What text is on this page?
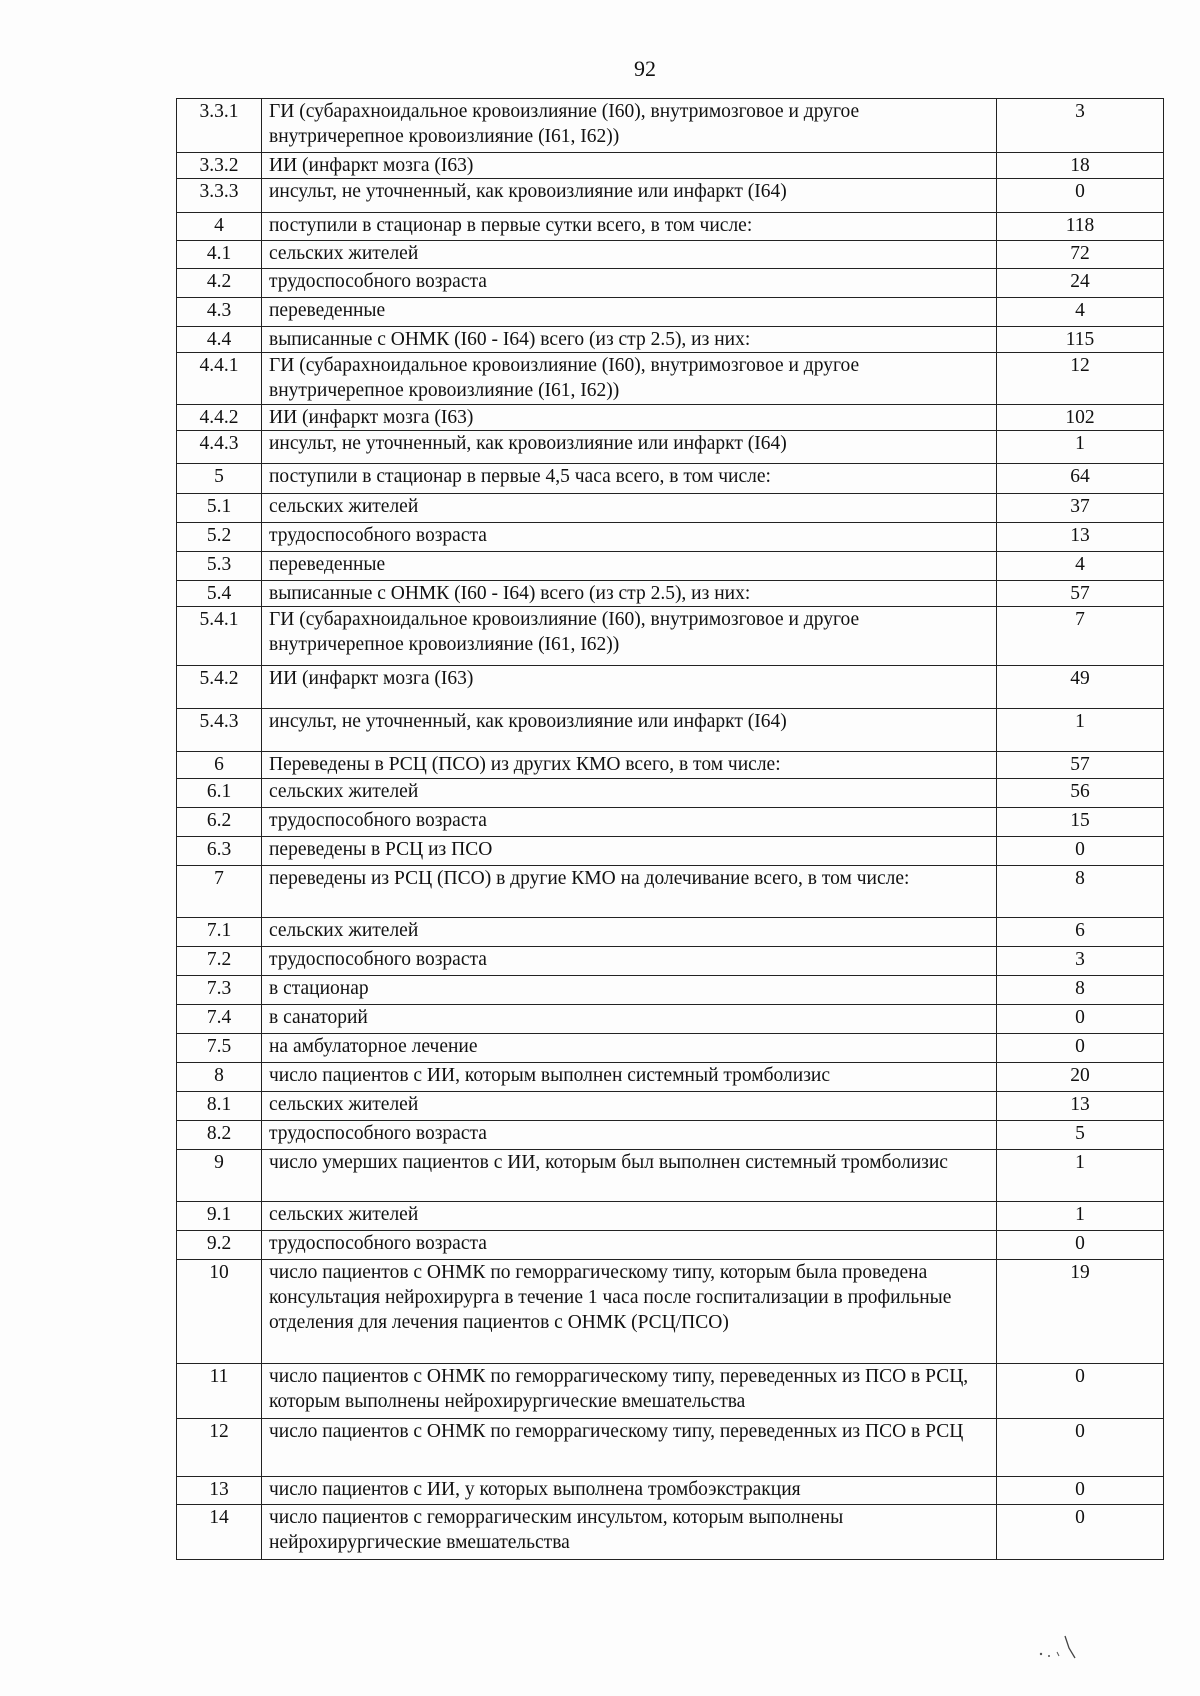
92
3.3.1	ГИ (субарахноидальное кровоизлияние (I60), внутримозговое и другое внутричерепное кровоизлияние (I61, I62))	3
3.3.2	ИИ (инфаркт мозга (I63)	18
3.3.3	инсульт, не уточненный, как кровоизлияние или инфаркт (I64)	0
4	поступили в стационар в первые сутки всего, в том числе:	118
4.1	сельских жителей	72
4.2	трудоспособного возраста	24
4.3	переведенные	4
4.4	выписанные с ОНМК (I60 - I64) всего (из стр 2.5), из них:	115
4.4.1	ГИ (субарахноидальное кровоизлияние (I60), внутримозговое и другое внутричерепное кровоизлияние (I61, I62))	12
4.4.2	ИИ (инфаркт мозга (I63)	102
4.4.3	инсульт, не уточненный, как кровоизлияние или инфаркт (I64)	1
5	поступили в стационар в первые 4,5 часа всего, в том числе:	64
5.1	сельских жителей	37
5.2	трудоспособного возраста	13
5.3	переведенные	4
5.4	выписанные с ОНМК (I60 - I64) всего (из стр 2.5), из них:	57
5.4.1	ГИ (субарахноидальное кровоизлияние (I60), внутримозговое и другое внутричерепное кровоизлияние (I61, I62))	7
5.4.2	ИИ (инфаркт мозга (I63)	49
5.4.3	инсульт, не уточненный, как кровоизлияние или инфаркт (I64)	1
6	Переведены в РСЦ (ПСО) из других КМО всего, в том числе:	57
6.1	сельских жителей	56
6.2	трудоспособного возраста	15
6.3	переведены в РСЦ из ПСО	0
7	переведены из РСЦ (ПСО) в другие КМО на долечивание всего, в том числе:	8
7.1	сельских жителей	6
7.2	трудоспособного возраста	3
7.3	в стационар	8
7.4	в санаторий	0
7.5	на амбулаторное лечение	0
8	число пациентов с ИИ, которым выполнен системный тромболизис	20
8.1	сельских жителей	13
8.2	трудоспособного возраста	5
9	число умерших пациентов с ИИ, которым был выполнен системный тромболизис	1
9.1	сельских жителей	1
9.2	трудоспособного возраста	0
10	число пациентов с ОНМК по геморрагическому типу, которым была проведена консультация нейрохирурга в течение 1 часа после госпитализации в профильные отделения для лечения пациентов с ОНМК (РСЦ/ПСО)	19
11	число пациентов с ОНМК по геморрагическому типу, переведенных из ПСО в РСЦ, которым выполнены нейрохирургические вмешательства	0
12	число пациентов с ОНМК по геморрагическому типу, переведенных из ПСО в РСЦ	0
13	число пациентов с ИИ, у которых выполнена тромбоэкстракция	0
14	число пациентов с геморрагическим инсультом, которым выполнены нейрохирургические вмешательства	0
